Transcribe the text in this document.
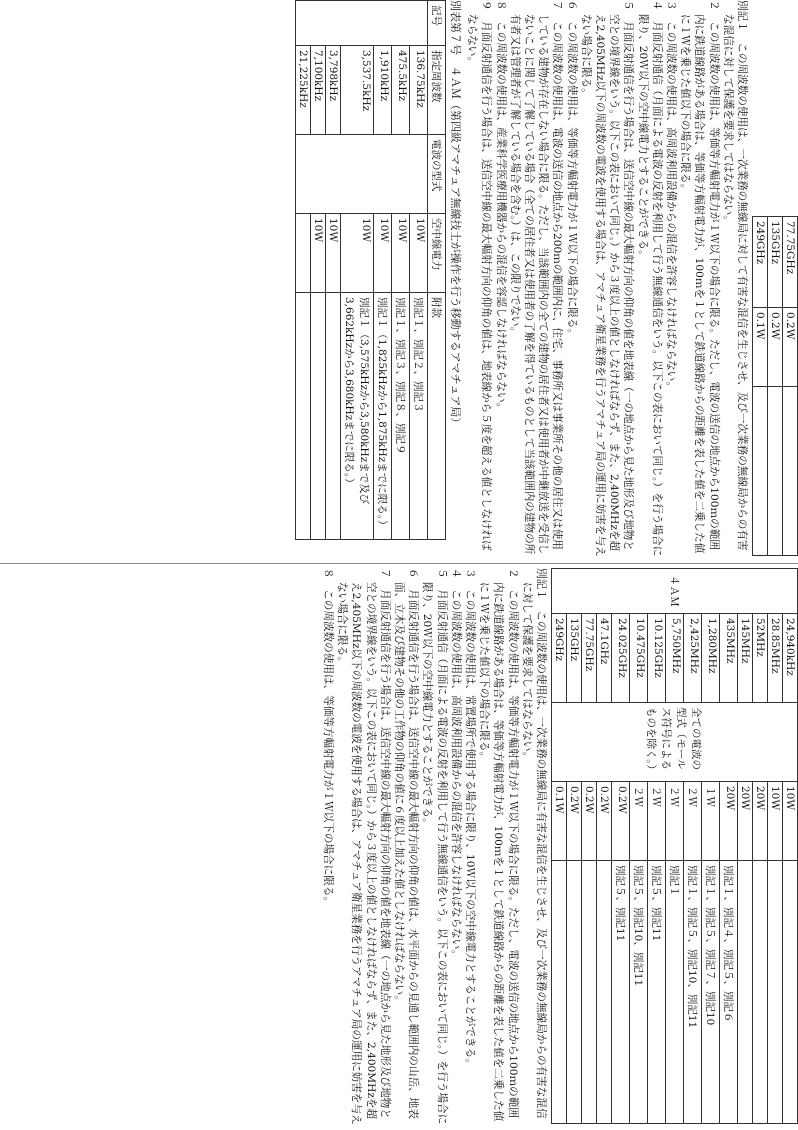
77.75GHz	0.2W	
135GHz	0.2W	
249GHz	0.1W	

別記１　この周波数の使用は、一次業務の無線局に対して有害な混信を生じさせ、及び一次業務の無線局からの有害な混信に対して保護を要求してはならない。

２　この周波数の使用は、等価等方輻射電力が１Ｗ以下の場合に限る。ただし、電波の送信の地点から100ｍの範囲内に鉄道線路がある場合は、等価等方輻射電力が、100ｍを１として鉄道線路からの距離を表した値を二乗した値に１Ｗを乗じた値以下の場合に限る。

３　この周波数の使用は、高周波利用設備からの混信を許容しなければならない。

４　月面反射通信（月面による電波の反射を利用して行う無線通信をいう。以下この表において同じ。）を行う場合に限り、20Ｗ以下の空中線電力とすることができる。

５　月面反射通信を行う場合は、送信空中線の最大輻射方向の仰角の値を地表線（一の地点から見た地形及び地物と空との境界線をいう。以下この表において同じ。）から３度以上の値としなければならず、また、2,400MHzを超え2,405MHz以下の周波数の電波を使用する場合は、アマチュア衛星業務を行うアマチュア局の運用に妨害を与えない場合に限る。

６　この周波数の使用は、等価等方輻射電力が１Ｗ以下の場合に限る。

７　この周波数の使用は、電波の送信の地点から200ｍの範囲内に、住宅、事務所又は事業所その他の居住又は使用している建物が存在しない場合に限る。ただし、当該範囲内の全ての建物の居住者又は使用者が中継放送を受信しないことに関して了解している場合（全ての居住者又は使用者の了解を得ているものとして当該範囲内の建物の所有者又は管理者が了解している場合を含む。）は、この限りでない。

８　この周波数の使用は、産業科学医療用機器からの混信を容認しなければならない。

９　月面反射通信を行う場合は、送信空中線の最大輻射方向の仰角の値は、地表線から５度を超える値としなければならない。

別表第７号　４ＡＭ（第四級アマチュア無線技士が操作を行う移動するアマチュア局）
記号	指定周波数	電波の型式	空中線電力	附款
	136.75kHz		10W	別記１、別記２、別記３
	475.5kHz		10W	別記１、別記３、別記８、別記９
	1,910kHz		10W	別記１（1,825kHzから1,875kHzまでに限る。）
	3,537.5kHz		10W	別記１（3,575kHzから3,580kHzまで及び3,662kHzから3,680kHzまでに限る。）
	3,798kHz		10W	
	7,100kHz		10W	
	21,225kHz			
４ＡＭ	24,940kHz	全ての電波の型式（モールス符号によるものを除く。）	10W	
	28.85MHz		10W	
	52MHz		20W	
	145MHz		20W	
	435MHz		20W	別記１、別記４、別記５、別記６
	1,280MHz		１Ｗ	別記１、別記５、別記７、別記10
	2,425MHz		２Ｗ	別記１、別記５、別記10、別記11
	5,750MHz		２Ｗ	別記１
	10.125GHz		２Ｗ	別記５、別記11
	10.475GHz		２Ｗ	別記５、別記10、別記11
	24.025GHz		0.2W	別記５、別記11
	47.1GHz		0.2W	
	77.75GHz		0.2W	
	135GHz		0.2W	
	249GHz		0.1W	

別記１　この周波数の使用は、一次業務の無線局に有害な混信を生じさせ、及び一次業務の無線局からの有害な混信に対して保護を要求してはならない。

２　この周波数の使用は、等価等方輻射電力が１Ｗ以下の場合に限る。ただし、電波の送信の地点から100ｍの範囲内に鉄道線路がある場合は、等価等方輻射電力が、100ｍを１として鉄道線路からの距離を表した値を二乗した値に１Ｗを乗じた値以下の場合に限る。

３　この周波数の使用は、常置場所で使用する場合に限り、10Ｗ以下の空中線電力とすることができる。

４　この周波数の使用は、高周波利用設備からの混信を許容しなければならない。

５　月面反射通信（月面による電波の反射を利用して行う無線通信をいう。以下この表において同じ。）を行う場合に限り、20Ｗ以下の空中線電力とすることができる。

６　月面反射通信を行う場合は、送信空中線の最大輻射方向の仰角の値は、水平面からの見通し範囲内の山岳、地表面、立木及び建物その他の工作物の仰角の値に６度以上加えた値としなければならない。

７　月面反射通信を行う場合は、送信空中線の最大輻射方向の仰角の値を地表線（一の地点から見た地形及び地物と空との境界線をいう。以下この表において同じ。）から３度以上の値としなければならず、また、2,400MHzを超え2,405MHz以下の周波数の電波を使用する場合は、アマチュア衛星業務を行うアマチュア局の運用に妨害を与えない場合に限る。

８　この周波数の使用は、等価等方輻射電力が１Ｗ以下の場合に限る。
